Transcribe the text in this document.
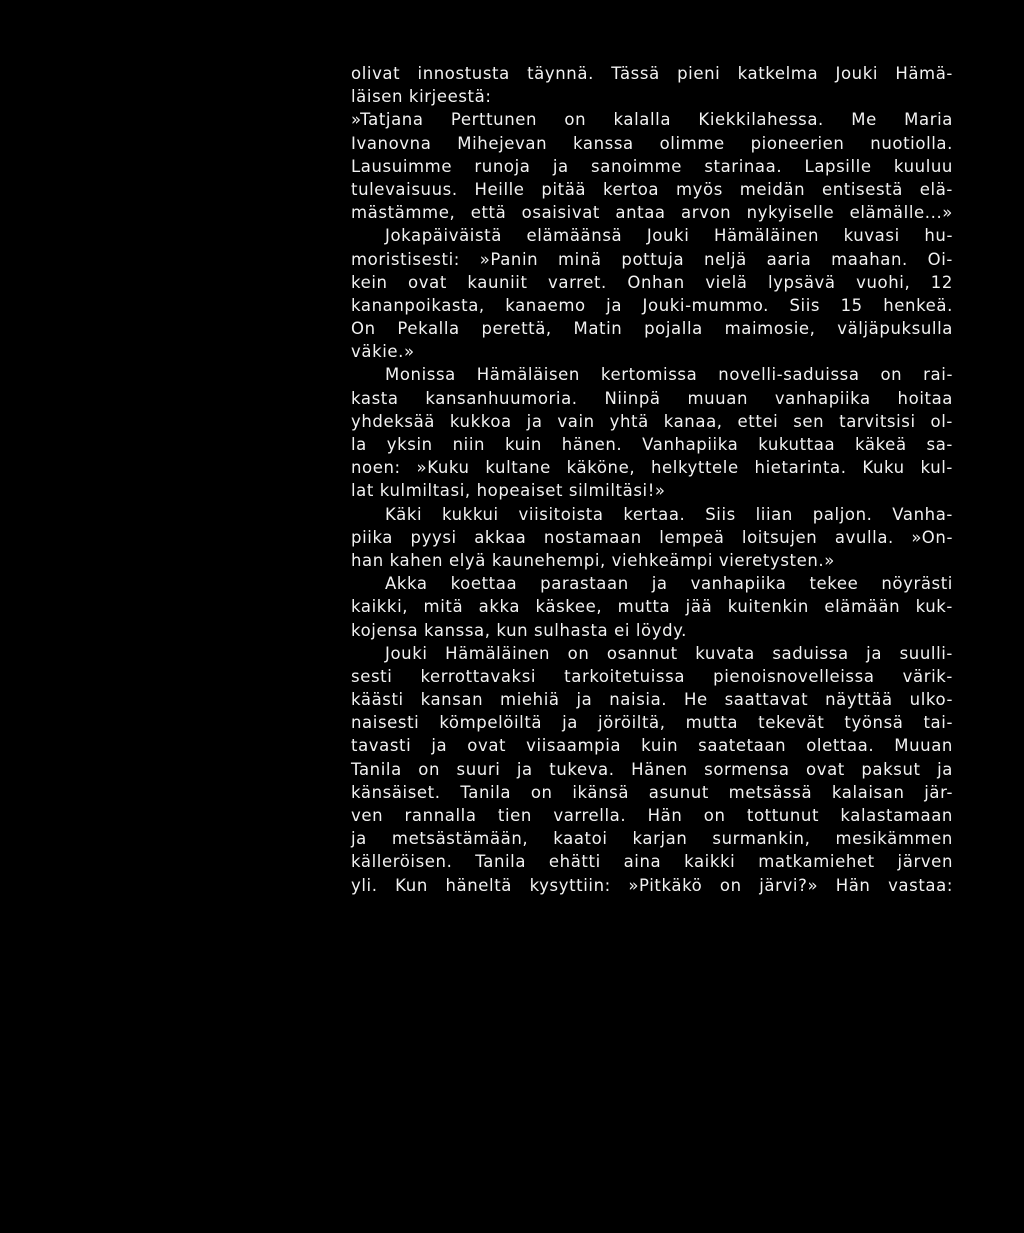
olivat innostusta täynnä. Tässä pieni katkelma Jouki Hämä-
läisen kirjeestä:
»Tatjana Perttunen on kalalla Kiekkilahessa. Me Maria
Ivanovna Mihejevan kanssa olimme pioneerien nuotiolla.
Lausuimme runoja ja sanoimme starinaa. Lapsille kuuluu
tulevaisuus. Heille pitää kertoa myös meidän entisestä elä-
mästämme, että osaisivat antaa arvon nykyiselle elämälle...»
Jokapäiväistä elämäänsä Jouki Hämäläinen kuvasi hu-
moristisesti: »Panin minä pottuja neljä aaria maahan. Oi-
kein ovat kauniit varret. Onhan vielä lypsävä vuohi, 12
kananpoikasta, kanaemo ja Jouki-mummo. Siis 15 henkeä.
On Pekalla perettä, Matin pojalla maimosie, väljäpuksulla
väkie.»
Monissa Hämäläisen kertomissa novelli-saduissa on rai-
kasta kansanhuumoria. Niinpä muuan vanhapiika hoitaa
yhdeksää kukkoa ja vain yhtä kanaa, ettei sen tarvitsisi ol-
la yksin niin kuin hänen. Vanhapiika kukuttaa käkeä sa-
noen: »Kuku kultane käköne, helkyttele hietarinta. Kuku kul-
lat kulmiltasi, hopeaiset silmiltäsi!»
Käki kukkui viisitoista kertaa. Siis liian paljon. Vanha-
piika pyysi akkaa nostamaan lempeä loitsujen avulla. »On-
han kahen elyä kaunehempi, viehkeämpi vieretysten.»
Akka koettaa parastaan ja vanhapiika tekee nöyrästi
kaikki, mitä akka käskee, mutta jää kuitenkin elämään kuk-
kojensa kanssa, kun sulhasta ei löydy.
Jouki Hämäläinen on osannut kuvata saduissa ja suulli-
sesti kerrottavaksi tarkoitetuissa pienoisnovelleissa värik-
käästi kansan miehiä ja naisia. He saattavat näyttää ulko-
naisesti kömpelöiltä ja jöröiltä, mutta tekevät työnsä tai-
tavasti ja ovat viisaampia kuin saatetaan olettaa. Muuan
Tanila on suuri ja tukeva. Hänen sormensa ovat paksut ja
känsäiset. Tanila on ikänsä asunut metsässä kalaisan jär-
ven rannalla tien varrella. Hän on tottunut kalastamaan
ja metsästämään, kaatoi karjan surmankin, mesikämmen
källeröisen. Tanila ehätti aina kaikki matkamiehet järven
yli. Kun häneltä kysyttiin: »Pitkäkö on järvi?» Hän vastaa:
